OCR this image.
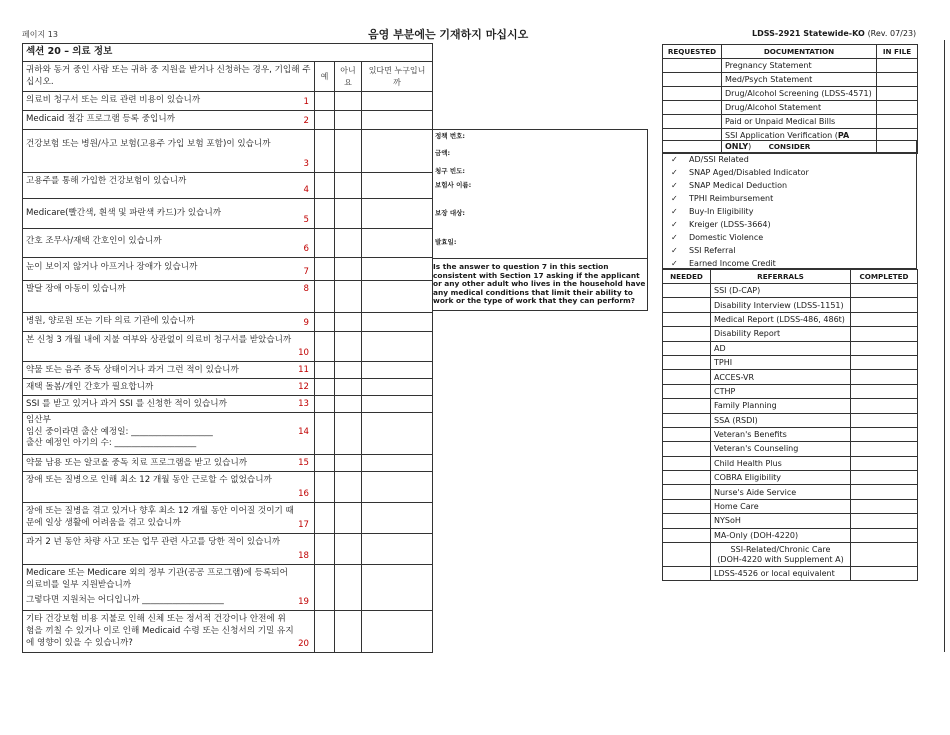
페이지 13	음영 부분에는 기재하지 마십시오	LDSS-2921 Statewide-KO (Rev. 07/23)
섹션 20 – 의료 정보			
귀하와 동거 중인 사람 또는 귀하 중 지원을 받거나 신청하는 경우, 기입해 주십시오.	예	아니요	있다면 누구입니까
의료비 청구서 또는 의료 관련 비용이 있습니까 1			

Medicaid 절감 프로그램 등록 중입니까 2			

건강보험 또는 병원/사고 보험(고용주 가입 보험 포함)이 있습니까
3			

고용주를 통해 가입한 건강보험이 있습니까
4			

Medicare(빨간색, 흰색 및 파란색 카드)가 있습니까
5			

간호 조무사/재택 간호인이 있습니까
6			

눈이 보이지 않거나 아프거나 장애가 있습니까 7			

발달 장애 아동이 있습니까 8			

병원, 양로원 또는 기타 의료 기관에 있습니까 9			

본 신청 3 개월 내에 지불 여부와 상관없이 의료비 청구서를 받았습니까
10			

약물 또는 음주 중독 상태이거나 과거 그런 적이 있습니까 11			

재택 돌봄/개인 간호가 필요합니까 12			

SSI 를 받고 있거나 과거 SSI 를 신청한 적이 있습니까 13			

임산부
임신 중이라면 출산 예정일: ___________________
출산 예정인 아기의 수: ___________________
14			

약물 남용 또는 알코올 중독 치료 프로그램을 받고 있습니까 15			

장애 또는 질병으로 인해 최소 12 개월 동안 근로할 수 없었습니까
16			

장애 또는 질병을 겪고 있거나 향후 최소 12 개월 동안 이어질 것이기 때문에 일상 생활에 어려움을 겪고 있습니까 17			

과거 2 년 동안 차량 사고 또는 업무 관련 사고를 당한 적이 있습니까
18			

Medicare 또는 Medicare 외의 정부 기관(공공 프로그램)에 등록되어 의료비를 일부 지원받습니까
그렇다면 지원처는 어디입니까 ___________________ 19			

기타 건강보험 비용 지불로 인해 신체 또는 정서적 건강이나 안전에 위험을 끼칠 수 있거나 이로 인해 Medicaid 수령 또는 신청서의 기밀 유지에 영향이 있을 수 있습니까? 20			

정책 번호:
금액:
청구 빈도:
보험사 이름:
보장 대상:
발효일:
Is the answer to question 7 in this section consistent with Section 17 asking if the applicant or any other adult who lives in the household have any medical conditions that limit their ability to work or the type of work that they can perform?
REQUESTED	DOCUMENTATION	IN FILE
	Pregnancy Statement	
	Med/Psych Statement	
	Drug/Alcohol Screening (LDSS-4571)	
	Drug/Alcohol Statement	
	Paid or Unpaid Medical Bills	
	SSI Application Verification (PA ONLY)		CONSIDER
✓ AD/SSI Related
✓ SNAP Aged/Disabled Indicator
✓ SNAP Medical Deduction
✓ TPHI Reimbursement
✓ Buy-In Eligibility
✓ Kreiger (LDSS-3664)
✓ Domestic Violence
✓ SSI Referral
✓ Earned Income Credit
NEEDED	REFERRALS	COMPLETED
	SSI (D-CAP)	
	Disability Interview (LDSS-1151)	
	Medical Report (LDSS-486, 486t)	
	Disability Report	
	AD	
	TPHI	
	ACCES-VR	
	CTHP	
	Family Planning	
	SSA (RSDI)	
	Veteran's Benefits	
	Veteran's Counseling	
	Child Health Plus	
	COBRA Eligibility	
	Nurse's Aide Service	
	Home Care	
	NYSoH	
	MA-Only (DOH-4220)	

	SSI-Related/Chronic Care
(DOH-4220 with Supplement A)	

	LDSS-4526 or local equivalent	
